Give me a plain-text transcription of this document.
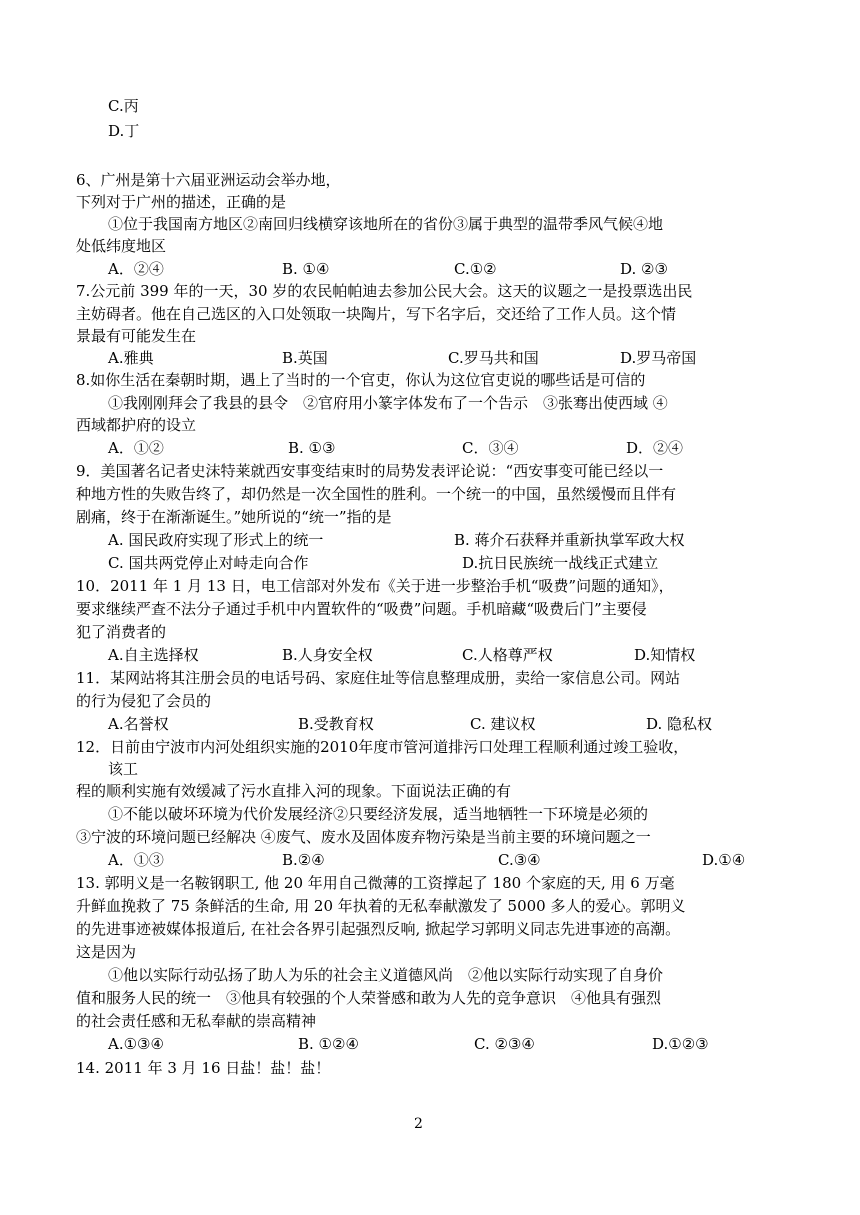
C.丙
D.丁
6、广州是第十六届亚洲运动会举办地，
下列对于广州的描述，正确的是
①位于我国南方地区②南回归线横穿该地所在的省份③属于典型的温带季风气候④地
处低纬度地区
A．②④	B. ①④	C.①②	D. ②③
7.公元前 399 年的一天，30 岁的农民帕帕迪去参加公民大会。这天的议题之一是投票选出民
主妨碍者。他在自己选区的入口处领取一块陶片，写下名字后，交还给了工作人员。这个情
景最有可能发生在
A.雅典	B.英国	C.罗马共和国	D.罗马帝国
8.如你生活在秦朝时期，遇上了当时的一个官吏，你认为这位官吏说的哪些话是可信的
①我刚刚拜会了我县的县令　②官府用小篆字体发布了一个告示　③张骞出使西域 ④
西域都护府的设立
A．①②	B. ①③	C．③④	D．②④
9．美国著名记者史沫特莱就西安事变结束时的局势发表评论说：“西安事变可能已经以一
种地方性的失败告终了，却仍然是一次全国性的胜利。一个统一的中国，虽然缓慢而且伴有
剧痛，终于在渐渐诞生。”她所说的“统一”指的是
A. 国民政府实现了形式上的统一	B. 蒋介石获释并重新执掌军政大权
C. 国共两党停止对峙走向合作	D.抗日民族统一战线正式建立
10．2011 年 1 月 13 日，电工信部对外发布《关于进一步整治手机“吸费”问题的通知》，
要求继续严查不法分子通过手机中内置软件的“吸费”问题。手机暗藏“吸费后门”主要侵
犯了消费者的
A.自主选择权	B.人身安全权	C.人格尊严权	D.知情权
11．某网站将其注册会员的电话号码、家庭住址等信息整理成册，卖给一家信息公司。网站
的行为侵犯了会员的
A.名誉权	B.受教育权	C. 建议权	D. 隐私权
12．日前由宁波市内河处组织实施的2010年度市管河道排污口处理工程顺利通过竣工验收，
该工
程的顺利实施有效缓减了污水直排入河的现象。下面说法正确的有
①不能以破坏环境为代价发展经济②只要经济发展，适当地牺牲一下环境是必须的
③宁波的环境问题已经解决 ④废气、废水及固体废弃物污染是当前主要的环境问题之一
A．①③	B.②④	C.③④	D.①④
13. 郭明义是一名鞍钢职工, 他 20 年用自己微薄的工资撑起了 180 个家庭的天, 用 6 万毫
升鲜血挽救了 75 条鲜活的生命, 用 20 年执着的无私奉献激发了 5000 多人的爱心。郭明义
的先进事迹被媒体报道后, 在社会各界引起强烈反响, 掀起学习郭明义同志先进事迹的高潮。
这是因为
①他以实际行动弘扬了助人为乐的社会主义道德风尚　②他以实际行动实现了自身价
值和服务人民的统一　③他具有较强的个人荣誉感和敢为人先的竞争意识　④他具有强烈
的社会责任感和无私奉献的崇高精神
A.①③④	B. ①②④	C. ②③④	D.①②③
14. 2011 年 3 月 16 日盐！盐！盐！
2
